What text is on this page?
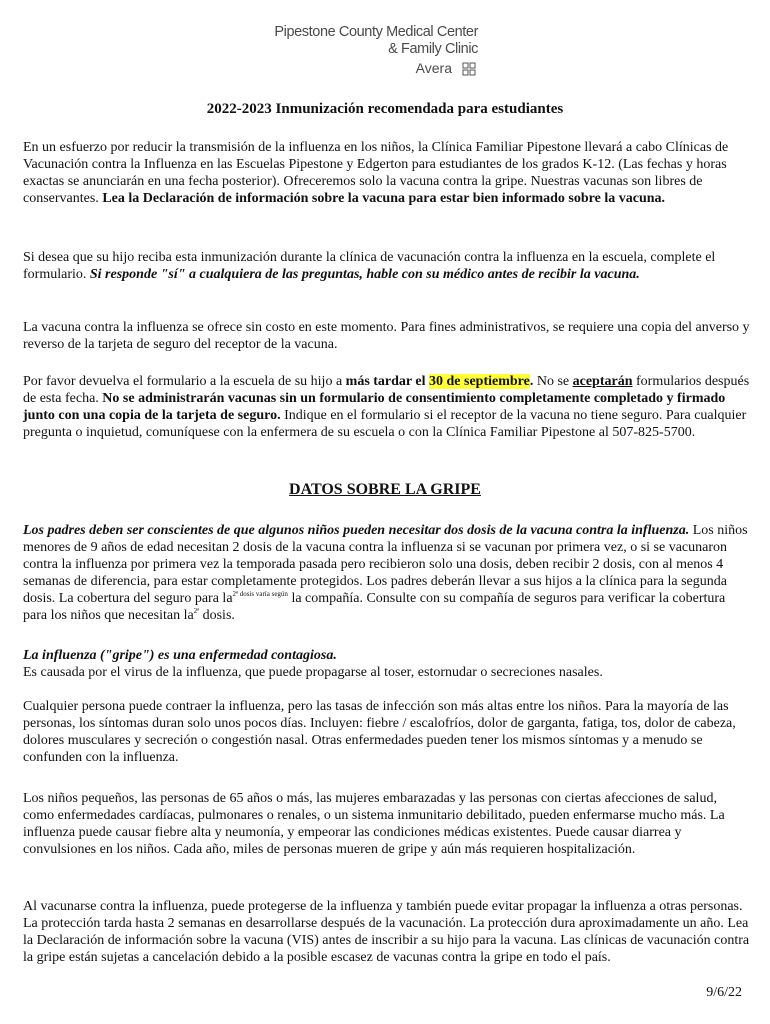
Pipestone County Medical Center
& Family Clinic
Avera
2022-2023 Inmunización recomendada para estudiantes

En un esfuerzo por reducir la transmisión de la influenza en los niños, la Clínica Familiar Pipestone llevará a cabo Clínicas de Vacunación contra la Influenza en las Escuelas Pipestone y Edgerton para estudiantes de los grados K-12. (Las fechas y horas exactas se anunciarán en una fecha posterior). Ofreceremos solo la vacuna contra la gripe. Nuestras vacunas son libres de conservantes. Lea la Declaración de información sobre la vacuna para estar bien informado sobre la vacuna.

Si desea que su hijo reciba esta inmunización durante la clínica de vacunación contra la influenza en la escuela, complete el formulario. Si responde "sí" a cualquiera de las preguntas, hable con su médico antes de recibir la vacuna.

La vacuna contra la influenza se ofrece sin costo en este momento. Para fines administrativos, se requiere una copia del anverso y reverso de la tarjeta de seguro del receptor de la vacuna.

Por favor devuelva el formulario a la escuela de su hijo a más tardar el 30 de septiembre. No se aceptarán formularios después de esta fecha. No se administrarán vacunas sin un formulario de consentimiento completamente completado y firmado junto con una copia de la tarjeta de seguro. Indique en el formulario si el receptor de la vacuna no tiene seguro. Para cualquier pregunta o inquietud, comuníquese con la enfermera de su escuela o con la Clínica Familiar Pipestone al 507-825-5700.

DATOS SOBRE LA GRIPE

Los padres deben ser conscientes de que algunos niños pueden necesitar dos dosis de la vacuna contra la influenza. Los niños menores de 9 años de edad necesitan 2 dosis de la vacuna contra la influenza si se vacunan por primera vez, o si se vacunaron contra la influenza por primera vez la temporada pasada pero recibieron solo una dosis, deben recibir 2 dosis, con al menos 4 semanas de diferencia, para estar completamente protegidos. Los padres deberán llevar a sus hijos a la clínica para la segunda dosis. La cobertura del seguro para $la^{2ª dosis varía según}$ la compañía. Consulte con su compañía de seguros para verificar la cobertura para los niños que necesitan $la^{2ª}$ dosis.

La influenza ("gripe") es una enfermedad contagiosa.
Es causada por el virus de la influenza, que puede propagarse al toser, estornudar o secreciones nasales.

Cualquier persona puede contraer la influenza, pero las tasas de infección son más altas entre los niños. Para la mayoría de las personas, los síntomas duran solo unos pocos días. Incluyen: fiebre / escalofríos, dolor de garganta, fatiga, tos, dolor de cabeza, dolores musculares y secreción o congestión nasal. Otras enfermedades pueden tener los mismos síntomas y a menudo se confunden con la influenza.

Los niños pequeños, las personas de 65 años o más, las mujeres embarazadas y las personas con ciertas afecciones de salud, como enfermedades cardíacas, pulmonares o renales, o un sistema inmunitario debilitado, pueden enfermarse mucho más. La influenza puede causar fiebre alta y neumonía, y empeorar las condiciones médicas existentes. Puede causar diarrea y convulsiones en los niños. Cada año, miles de personas mueren de gripe y aún más requieren hospitalización.

Al vacunarse contra la influenza, puede protegerse de la influenza y también puede evitar propagar la influenza a otras personas. La protección tarda hasta 2 semanas en desarrollarse después de la vacunación. La protección dura aproximadamente un año. Lea la Declaración de información sobre la vacuna (VIS) antes de inscribir a su hijo para la vacuna. Las clínicas de vacunación contra la gripe están sujetas a cancelación debido a la posible escasez de vacunas contra la gripe en todo el país.

9/6/22
